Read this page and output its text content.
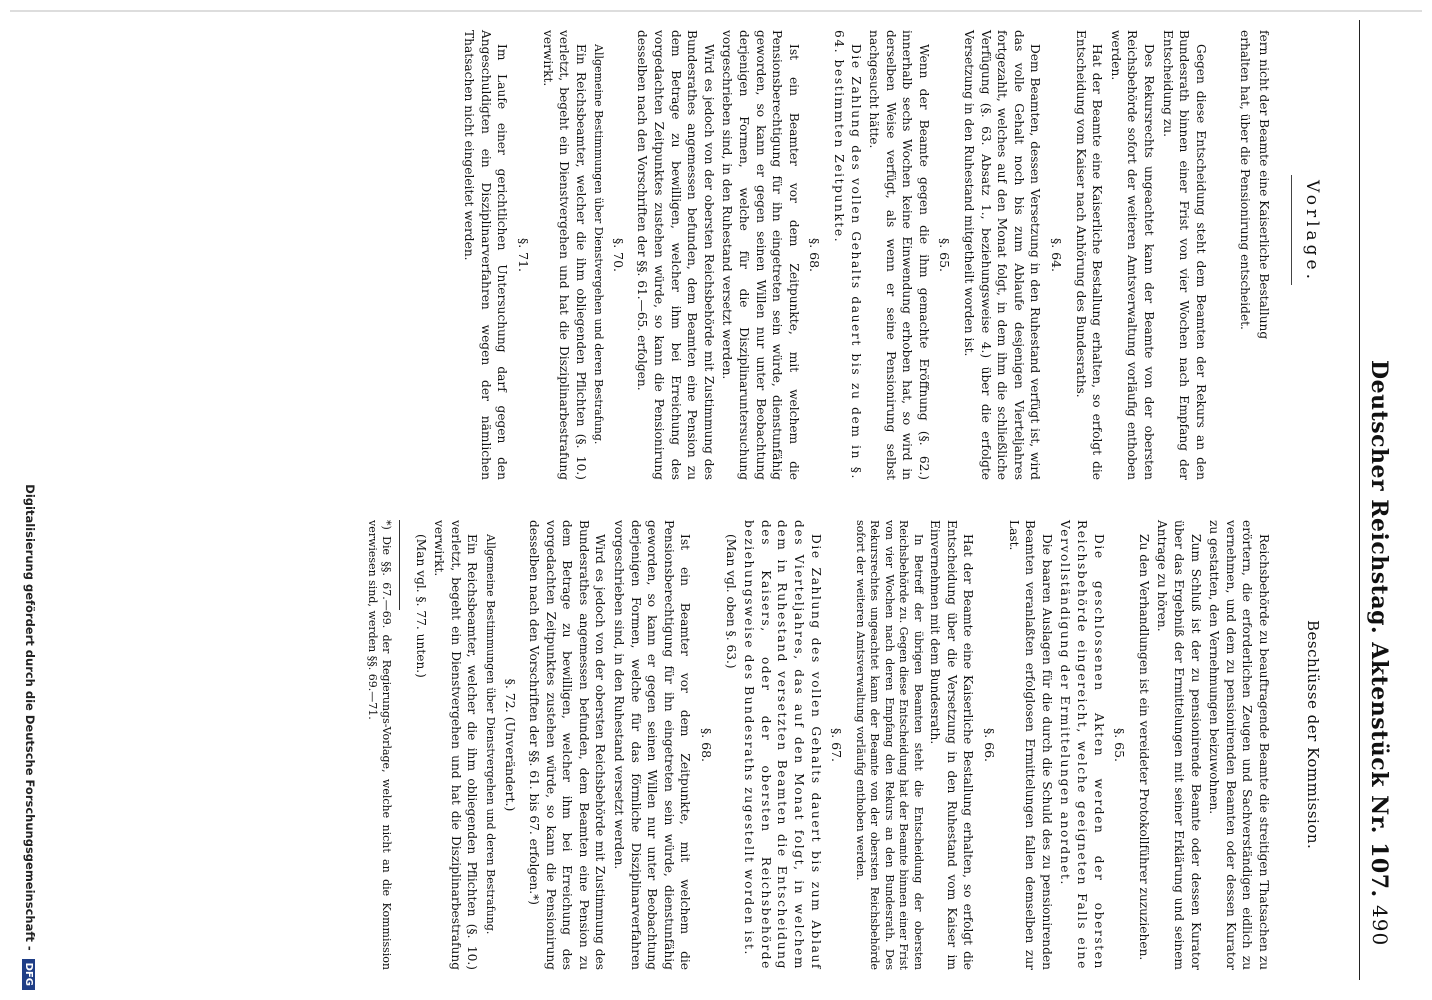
490
Deutscher Reichstag. Aktenstück Nr. 107.
Vorlage.
fern nicht der Beamte eine Kaiserliche Bestallung
erhalten hat, über die Pensionirung entscheidet.

Gegen diese Entscheidung steht dem Beamten der Rekurs an den Bundesrath binnen einer Frist von vier Wochen nach Empfang der Entscheidung zu.

Des Rekursrechts ungeachtet kann der Beamte von der obersten Reichsbehörde sofort der weiteren Amtsverwaltung vorläufig enthoben werden.

Hat der Beamte eine Kaiserliche Bestallung erhalten, so erfolgt die Entscheidung vom Kaiser nach Anhörung des Bundesraths.

§. 64.

Dem Beamten, dessen Versetzung in den Ruhestand verfügt ist, wird das volle Gehalt noch bis zum Ablaufe desjenigen Vierteljahres fortgezahlt, welches auf den Monat folgt, in dem ihm die schließliche Verfügung (§. 63. Absatz 1., beziehungsweise 4.) über die erfolgte Versetzung in den Ruhestand mitgetheilt worden ist.

§. 65.

Wenn der Beamte gegen die ihm gemachte Eröffnung (§. 62.) innerhalb sechs Wochen keine Einwendung erhoben hat, so wird in derselben Weise verfügt, als wenn er seine Pensionirung selbst nachgesucht hätte.

Die Zahlung des vollen Gehalts dauert bis zu dem in §. 64. bestimmten Zeitpunkte.

§. 68.

Ist ein Beamter vor dem Zeitpunkte, mit welchem die Pensionsberechtigung für ihn eingetreten sein würde, dienstunfähig geworden, so kann er gegen seinen Willen nur unter Beobachtung derjenigen Formen, welche für die Disziplinaruntersuchung vorgeschrieben sind, in den Ruhestand versetzt werden.

Wird es jedoch von der obersten Reichsbehörde mit Zustimmung des Bundesrathes angemessen befunden, dem Beamten eine Pension zu dem Betrage zu bewilligen, welcher ihm bei Erreichung des vorgedachten Zeitpunktes zustehen würde, so kann die Pensionirung desselben nach den Vorschriften der §§. 61.—65. erfolgen.

§. 70.

Allgemeine Bestimmungen über Dienstvergehen und deren Bestrafung.

Ein Reichsbeamter, welcher die ihm obliegenden Pflichten (§. 10.) verletzt, begeht ein Dienstvergehen und hat die Disziplinarbestrafung verwirkt.

§. 71.

Im Laufe einer gerichtlichen Untersuchung darf gegen den Angeschuldigten ein Disziplinarverfahren wegen der nämlichen Thatsachen nicht eingeleitet werden.

Beschlüsse der Kommission.

Reichsbehörde zu beauftragende Beamte die streitigen Thatsachen zu erörtern, die erforderlichen Zeugen und Sachverständigen eidlich zu vernehmen, und dem zu pensionirenden Beamten oder dessen Kurator zu gestatten, den Vernehmungen beizuwohnen.

Zum Schluß ist der zu pensionirende Beamte oder dessen Kurator über das Ergebniß der Ermittelungen mit seiner Erklärung und seinem Antrage zu hören.

Zu den Verhandlungen ist ein vereideter Protokollführer zuzuziehen.

§. 65.

Die geschlossenen Akten werden der obersten Reichsbehörde eingereicht, welche geeigneten Falls eine Vervollständigung der Ermittelungen anordnet.

Die baaren Auslagen für die durch die Schuld des zu pensionirenden Beamten veranlaßten erfolglosen Ermittelungen fallen demselben zur Last.

§. 66.

Hat der Beamte eine Kaiserliche Bestallung erhalten, so erfolgt die Entscheidung über die Versetzung in den Ruhestand vom Kaiser im Einvernehmen mit dem Bundesrath.

In Betreff der übrigen Beamten steht die Entscheidung der obersten Reichsbehörde zu. Gegen diese Entscheidung hat der Beamte binnen einer Frist von vier Wochen nach deren Empfang den Rekurs an den Bundesrath. Des Rekursrechtes ungeachtet kann der Beamte von der obersten Reichsbehörde sofort der weiteren Amtsverwaltung vorläufig enthoben werden.

§. 67.

Die Zahlung des vollen Gehalts dauert bis zum Ablauf des Vierteljahres, das auf den Monat folgt, in welchem dem in Ruhestand versetzten Beamten die Entscheidung des Kaisers, oder der obersten Reichsbehörde beziehungsweise des Bundesraths zugestellt worden ist.

(Man vgl. oben §. 63.)

§. 68.

Ist ein Beamter vor dem Zeitpunkte, mit welchem die Pensionsberechtigung für ihn eingetreten sein würde, dienstunfähig geworden, so kann er gegen seinen Willen nur unter Beobachtung derjenigen Formen, welche für das förmliche Disziplinarverfahren vorgeschrieben sind, in den Ruhestand versetzt werden.

Wird es jedoch von der obersten Reichsbehörde mit Zustimmung des Bundesrathes angemessen befunden, dem Beamten eine Pension zu dem Betrage zu bewilligen, welcher ihm bei Erreichung des vorgedachten Zeitpunktes zustehen würde, so kann die Pensionirung desselben nach den Vorschriften der §§. 61. bis 67. erfolgen.*)

§. 72. (Unverändert.)

Allgemeine Bestimmungen über Dienstvergehen und deren Bestrafung.

Ein Reichsbeamter, welcher die ihm obliegenden Pflichten (§. 10.) verletzt, begeht ein Dienstvergehen und hat die Disziplinarbestrafung verwirkt.

(Man vgl. §. 77. unten.)

*) Die §§. 67.—69. der Regierungs-Vorlage, welche nicht an die Kommission verwiesen sind, werden §§. 69.—71.
Digitalisierung gefördert durch die Deutsche Forschungsgemeinschaft - DFG
